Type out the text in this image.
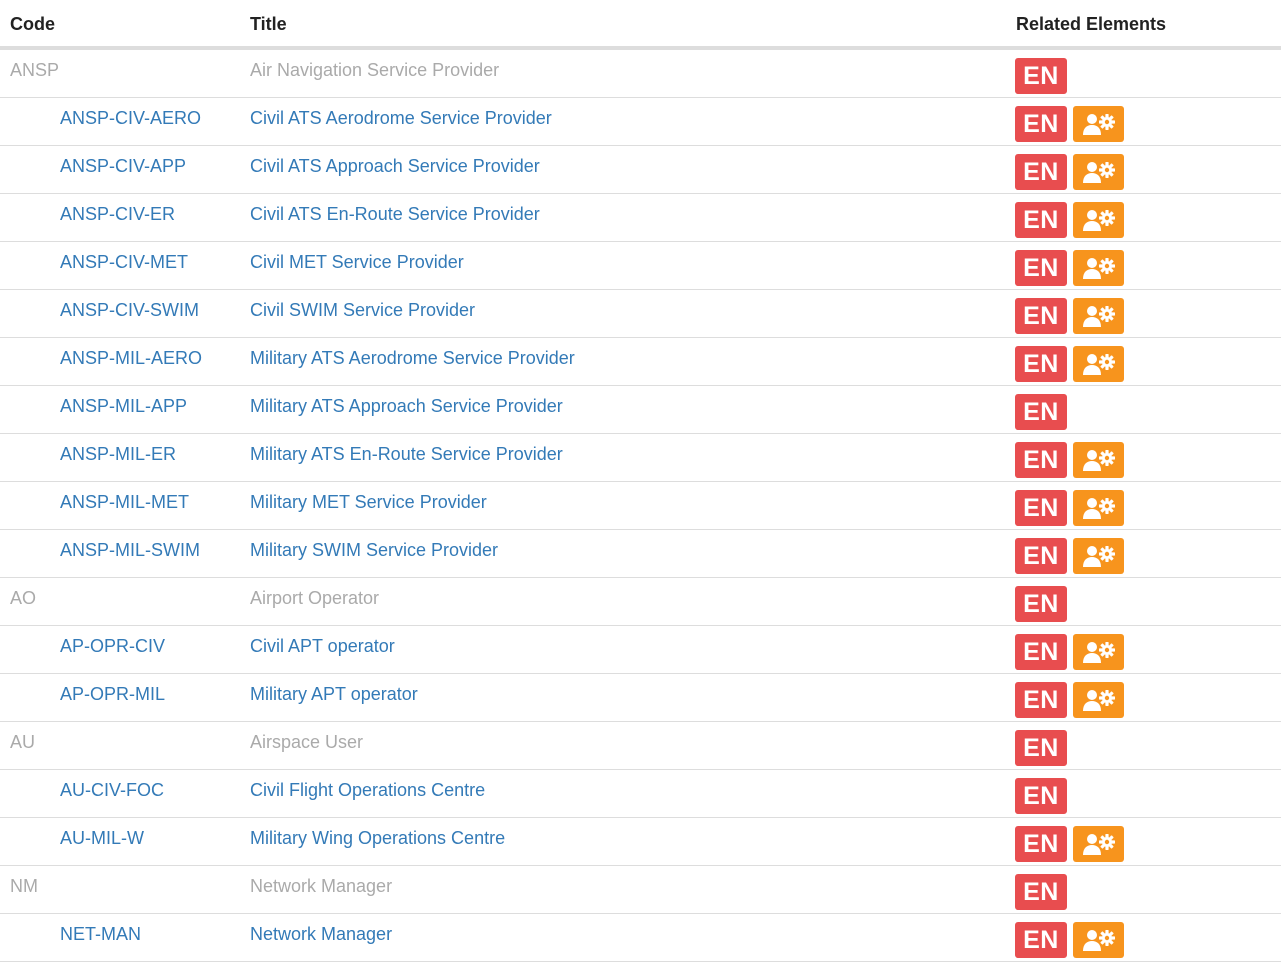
Code	Title	Related Elements
ANSP	Air Navigation Service Provider	EN
ANSP-CIV-AERO	Civil ATS Aerodrome Service Provider	EN
ANSP-CIV-APP	Civil ATS Approach Service Provider	EN
ANSP-CIV-ER	Civil ATS En-Route Service Provider	EN
ANSP-CIV-MET	Civil MET Service Provider	EN
ANSP-CIV-SWIM	Civil SWIM Service Provider	EN
ANSP-MIL-AERO	Military ATS Aerodrome Service Provider	EN
ANSP-MIL-APP	Military ATS Approach Service Provider	EN
ANSP-MIL-ER	Military ATS En-Route Service Provider	EN
ANSP-MIL-MET	Military MET Service Provider	EN
ANSP-MIL-SWIM	Military SWIM Service Provider	EN
AO	Airport Operator	EN
AP-OPR-CIV	Civil APT operator	EN
AP-OPR-MIL	Military APT operator	EN
AU	Airspace User	EN
AU-CIV-FOC	Civil Flight Operations Centre	EN
AU-MIL-W	Military Wing Operations Centre	EN
NM	Network Manager	EN
NET-MAN	Network Manager	EN
